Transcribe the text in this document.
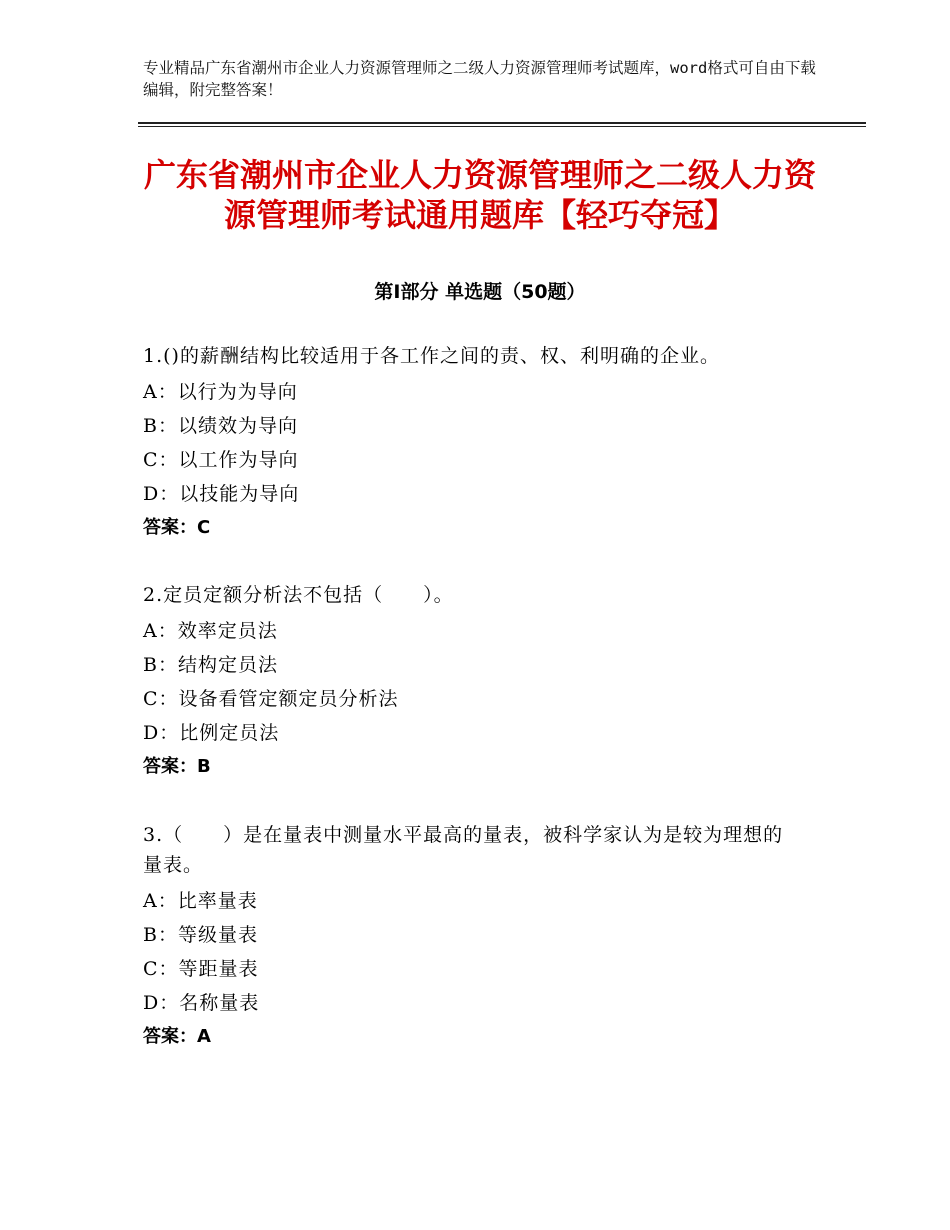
专业精品广东省潮州市企业人力资源管理师之二级人力资源管理师考试题库，word格式可自由下载编辑，附完整答案！
广东省潮州市企业人力资源管理师之二级人力资源管理师考试通用题库【轻巧夺冠】
第Ⅰ部分 单选题（50题）
1.()的薪酬结构比较适用于各工作之间的责、权、利明确的企业。
A：以行为为导向
B：以绩效为导向
C：以工作为导向
D：以技能为导向
答案：C
2.定员定额分析法不包括（　　）。
A：效率定员法
B：结构定员法
C：设备看管定额定员分析法
D：比例定员法
答案：B
3.（　　）是在量表中测量水平最高的量表，被科学家认为是较为理想的量表。
A：比率量表
B：等级量表
C：等距量表
D：名称量表
答案：A
